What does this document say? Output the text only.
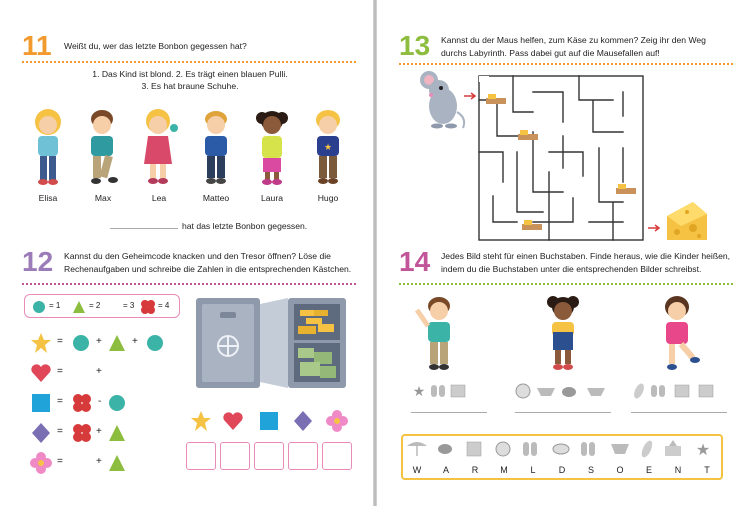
11 Weißt du, wer das letzte Bonbon gegessen hat?
1. Das Kind ist blond. 2. Es trägt einen blauen Pulli.
3. Es hat braune Schuhe.
★
Elisa	Max	Lea	Matteo	Laura	Hugo
hat das letzte Bonbon gegessen.
12 Kannst du den Geheimcode knacken und den Tresor öffnen? Löse die
Rechenaufgaben und schreibe die Zahlen in die entsprechenden Kästchen.
= 1	= 2	= 3	= 4
=	+	+
=	+
=	-
=	+
=	+
13 Kannst du der Maus helfen, zum Käse zu kommen? Zeig ihr den Weg
durchs Labyrinth. Pass dabei gut auf die Mausefallen auf!
14 Jedes Bild steht für einen Buchstaben. Finde heraus, wie die Kinder heißen,
indem du die Buchstaben unter die entsprechenden Bilder schreibst.
★
★
W	A	R	M	L	D	S	O	E	N	T
